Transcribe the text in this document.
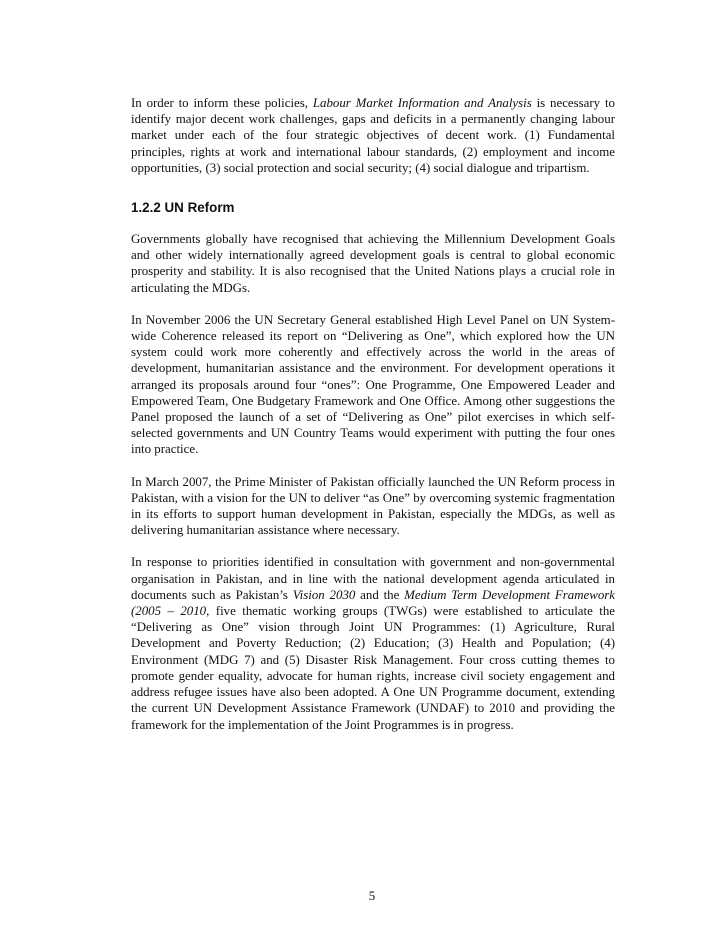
In order to inform these policies, Labour Market Information and Analysis is necessary to identify major decent work challenges, gaps and deficits in a permanently changing labour market under each of the four strategic objectives of decent work. (1) Fundamental principles, rights at work and international labour standards, (2) employment and income opportunities, (3) social protection and social security; (4) social dialogue and tripartism.

1.2.2 UN Reform

Governments globally have recognised that achieving the Millennium Development Goals and other widely internationally agreed development goals is central to global economic prosperity and stability. It is also recognised that the United Nations plays a crucial role in articulating the MDGs.

In November 2006 the UN Secretary General established High Level Panel on UN System-wide Coherence released its report on “Delivering as One”, which explored how the UN system could work more coherently and effectively across the world in the areas of development, humanitarian assistance and the environment. For development operations it arranged its proposals around four “ones”: One Programme, One Empowered Leader and Empowered Team, One Budgetary Framework and One Office. Among other suggestions the Panel proposed the launch of a set of “Delivering as One” pilot exercises in which self-selected governments and UN Country Teams would experiment with putting the four ones into practice.

In March 2007, the Prime Minister of Pakistan officially launched the UN Reform process in Pakistan, with a vision for the UN to deliver “as One” by overcoming systemic fragmentation in its efforts to support human development in Pakistan, especially the MDGs, as well as delivering humanitarian assistance where necessary.

In response to priorities identified in consultation with government and non-governmental organisation in Pakistan, and in line with the national development agenda articulated in documents such as Pakistan’s Vision 2030 and the Medium Term Development Framework (2005 – 2010, five thematic working groups (TWGs) were established to articulate the “Delivering as One” vision through Joint UN Programmes: (1) Agriculture, Rural Development and Poverty Reduction; (2) Education; (3) Health and Population; (4) Environment (MDG 7) and (5) Disaster Risk Management. Four cross cutting themes to promote gender equality, advocate for human rights, increase civil society engagement and address refugee issues have also been adopted. A One UN Programme document, extending the current UN Development Assistance Framework (UNDAF) to 2010 and providing the framework for the implementation of the Joint Programmes is in progress.

5
